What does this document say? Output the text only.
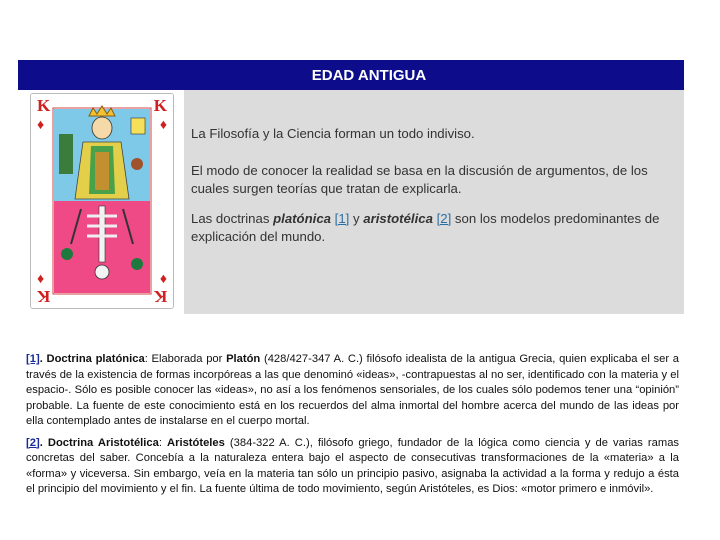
EDAD ANTIGUA
K
♦
K
♦
♦
K
♦
K

La Filosofía y la Ciencia forman un todo indiviso.

El modo de conocer la realidad se basa en la discusión de argumentos, de los cuales surgen teorías que tratan de explicarla.

Las doctrinas platónica [1] y aristotélica [2] son los modelos predominantes de explicación del mundo.

[1]. Doctrina platónica: Elaborada por Platón (428/427-347 A. C.) filósofo idealista de la antigua Grecia, quien explicaba el ser a través de la existencia de formas incorpóreas a las que denominó «ideas», -contrapuestas al no ser, identificado con la materia y el espacio-. Sólo es posible conocer las «ideas», no así a los fenómenos sensoriales, de los cuales sólo podemos tener una “opinión” probable. La fuente de este conocimiento está en los recuerdos del alma inmortal del hombre acerca del mundo de las ideas por ella contemplado antes de instalarse en el cuerpo mortal.

[2]. Doctrina Aristotélica: Aristóteles (384-322 A. C.), filósofo griego, fundador de la lógica como ciencia y de varias ramas concretas del saber. Concebía a la naturaleza entera bajo el aspecto de consecutivas transformaciones de la «materia» a la «forma» y viceversa. Sin embargo, veía en la materia tan sólo un principio pasivo, asignaba la actividad a la forma y redujo a ésta el principio del movimiento y el fin. La fuente última de todo movimiento, según Aristóteles, es Dios: «motor primero e inmóvil».
